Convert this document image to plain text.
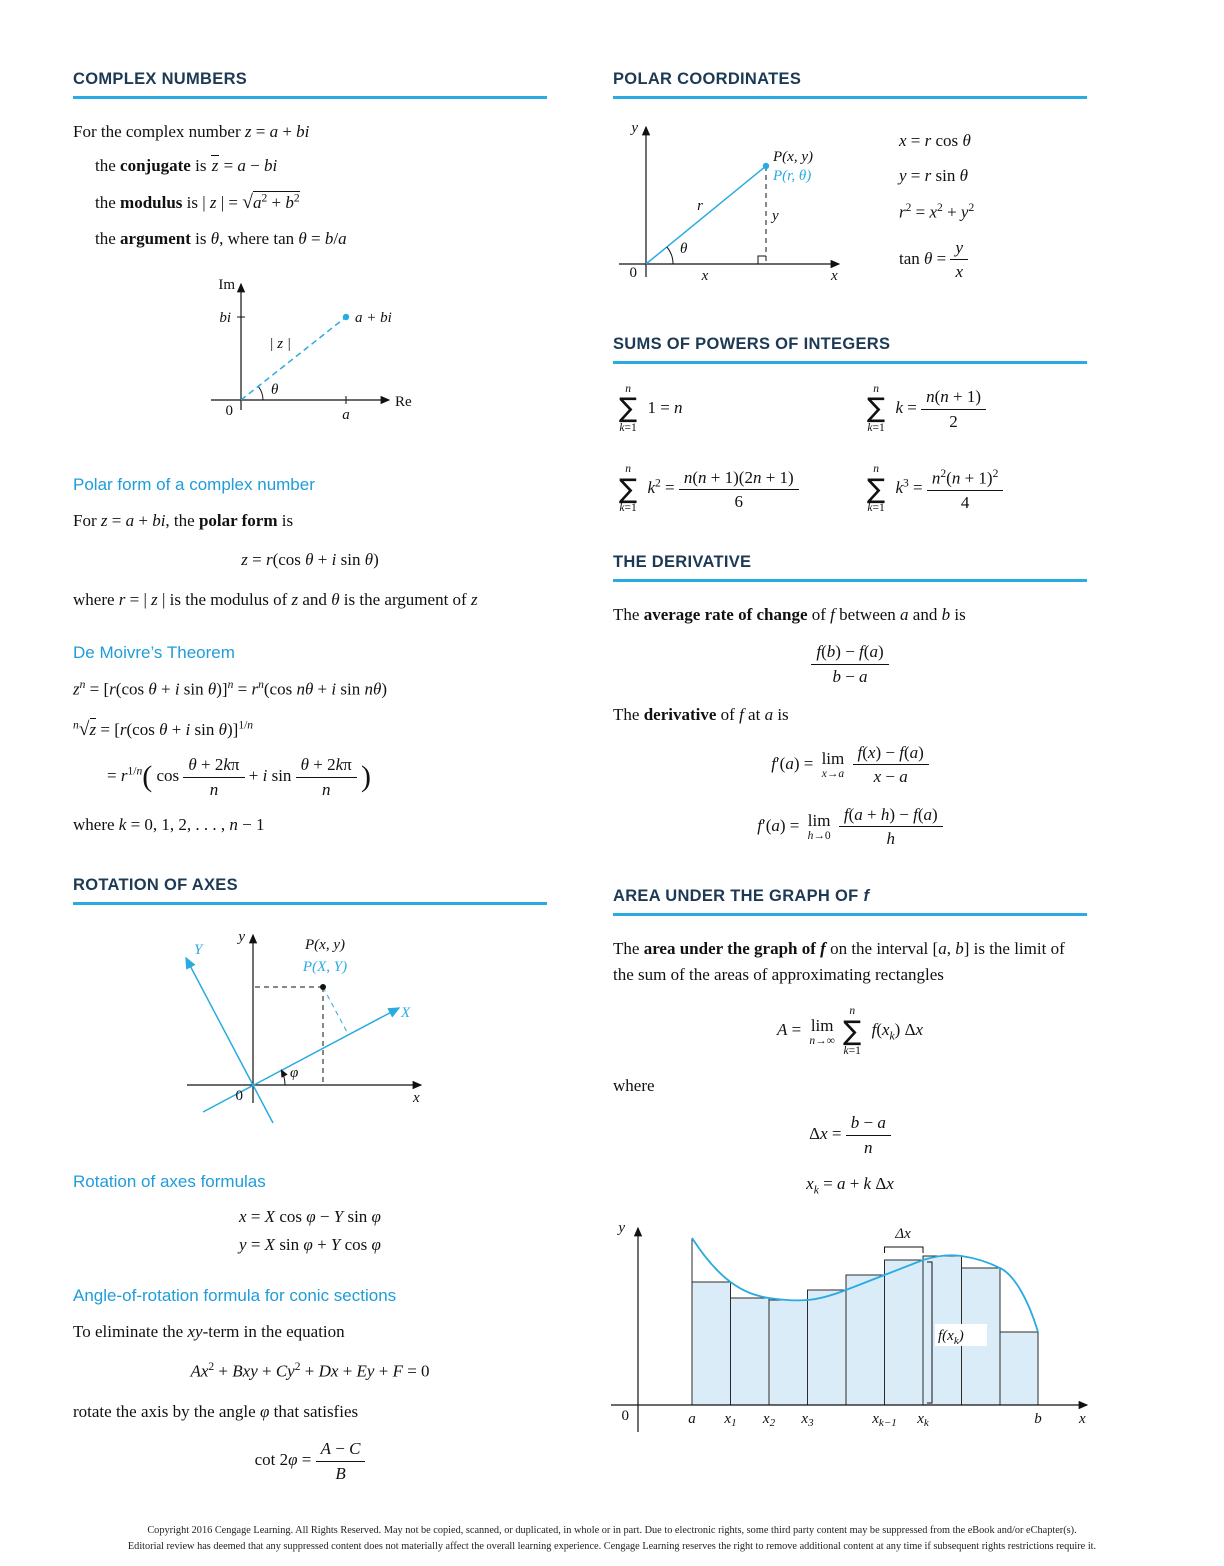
COMPLEX NUMBERS

For the complex number z = a + bi

the conjugate is z = a − bi

the modulus is | z | = $√a^2 + b^2$

the argument is θ, where tan θ = b/a

Im
Re
0
bi
a
a + bi
| z |
θ
Polar form of a complex number

For z = a + bi, the polar form is

z = r(cos θ + i sin θ)

where r = | z | is the modulus of z and θ is the argument of z

De Moivre’s Theorem

$z^n = [r(\cos$ θ + i $\sin \theta)]^n = r^n(\cos$ nθ + i sin nθ)

$^n$√z = [r(cos θ + i sin θ)]$^{1/n}$

= $r^{1/n}$( $\cos \frac{\theta + 2k\pi}{n} + i$ $\sin \frac{\theta + 2k\pi}{n}$ )

where k = 0, 1, 2, . . . , n − 1

ROTATION OF AXES
y
x
X
Y	P(x, y)
P(X, Y)
φ
0
Rotation of axes formulas

x = X cos φ − Y sin φ

y = X sin φ + Y cos φ

Angle-of-rotation formula for conic sections

To eliminate the xy-term in the equation

$Ax^2$ + Bxy + $Cy^2 + Dx + Ey + F = 0$

rotate the axis by the angle φ that satisfies

$\cot 2\varphi = \frac{A - C}{B}$

POLAR COORDINATES
y
x
0
P(x, y)
P(r, θ)
r
θ
x
y
x = r cos θ
y = r sin θ
$r^2 = x^2 + y^2$
$\tan \theta = \frac{y}{x}$
SUMS OF POWERS OF INTEGERS
n
∑
k=1
1 = n
n
∑
k=1
$k = \frac{n(n + 1)}{2}$
n
∑
k=1
$k^2 = \frac{n(n + 1)(2n + 1)}{6}$	n
∑
k=1
$k^3 = \frac{n^2(n + 1)^2}{4}$
THE DERIVATIVE

The average rate of change of f between a and b is

$\frac{f(b) - f(a)}{b - a}$

The derivative of f at a is

f′(a) = lim
x→a
$\frac{f(x) - f(a)}{x - a}$

f′(a) = lim
h→0
$\frac{f(a + h) - f(a)}{h}$

AREA UNDER THE GRAPH OF f

The area under the graph of f on the interval [a, b] is the limit of the sum of the areas of approximating rectangles

A = lim
n→∞

n
∑
k=1
$f(x_k)$ Δx

where

$\Delta x = \frac{b - a}{n}$

$x_k = a + k$ Δx

Δx
$f(x_k)$
y
x
0	a $x_1$ $x_2$ $x_3$	$x_{k-1}$ $x_k$	b
Copyright 2016 Cengage Learning. All Rights Reserved. May not be copied, scanned, or duplicated, in whole or in part. Due to electronic rights, some third party content may be suppressed from the eBook and/or eChapter(s).
Editorial review has deemed that any suppressed content does not materially affect the overall learning experience. Cengage Learning reserves the right to remove additional content at any time if subsequent rights restrictions require it.
